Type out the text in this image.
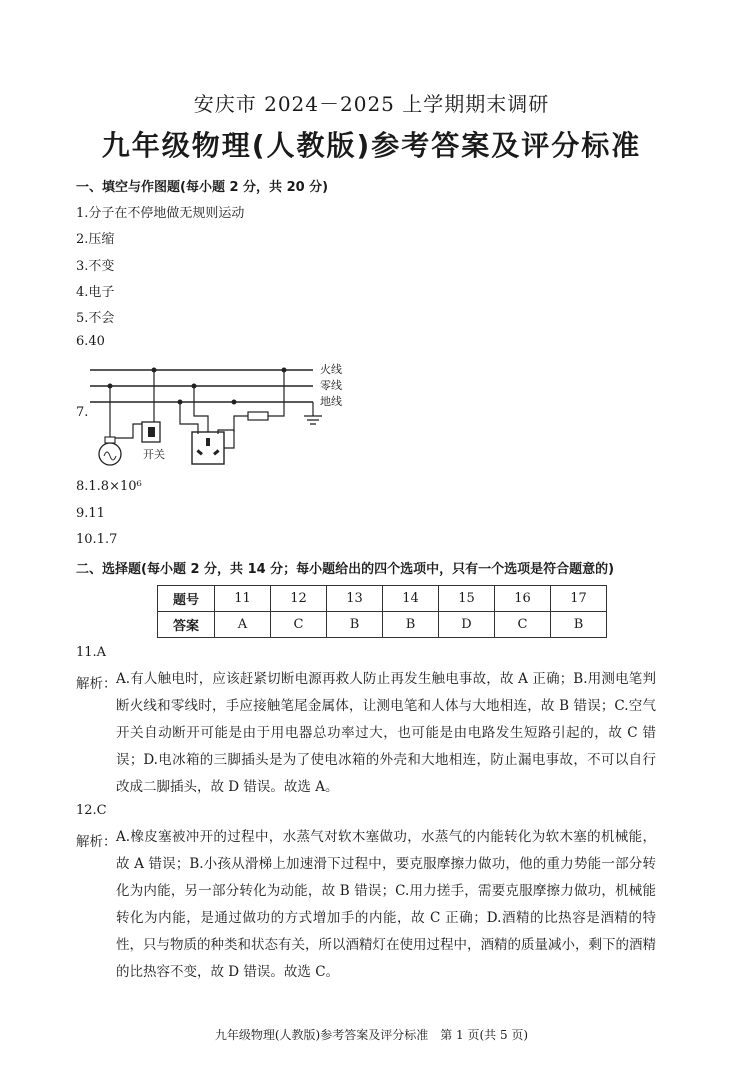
安庆市 2024－2025 上学期期末调研
九年级物理(人教版)参考答案及评分标准
一、填空与作图题(每小题 2 分，共 20 分)
1.分子在不停地做无规则运动
2.压缩
3.不变
4.电子
5.不会
6.40
7.
火线
零线
地线
开关
8.1.8×10⁶
9.11
10.1.7
二、选择题(每小题 2 分，共 14 分；每小题给出的四个选项中，只有一个选项是符合题意的)
题号	11	12	13	14	15	16	17
答案	A	C	B	B	D	C	B
11.A
解析： A.有人触电时，应该赶紧切断电源再救人防止再发生触电事故，故 A 正确；B.用测电笔判断火线和零线时，手应接触笔尾金属体，让测电笔和人体与大地相连，故 B 错误；C.空气开关自动断开可能是由于用电器总功率过大，也可能是由电路发生短路引起的，故 C 错误；D.电冰箱的三脚插头是为了使电冰箱的外壳和大地相连，防止漏电事故，不可以自行改成二脚插头，故 D 错误。故选 A。

12.C
解析： A.橡皮塞被冲开的过程中，水蒸气对软木塞做功，水蒸气的内能转化为软木塞的机械能，故 A 错误；B.小孩从滑梯上加速滑下过程中，要克服摩擦力做功，他的重力势能一部分转化为内能，另一部分转化为动能，故 B 错误；C.用力搓手，需要克服摩擦力做功，机械能转化为内能，是通过做功的方式增加手的内能，故 C 正确；D.酒精的比热容是酒精的特性，只与物质的种类和状态有关，所以酒精灯在使用过程中，酒精的质量减小，剩下的酒精的比热容不变，故 D 错误。故选 C。

九年级物理(人教版)参考答案及评分标准　第 1 页(共 5 页)
